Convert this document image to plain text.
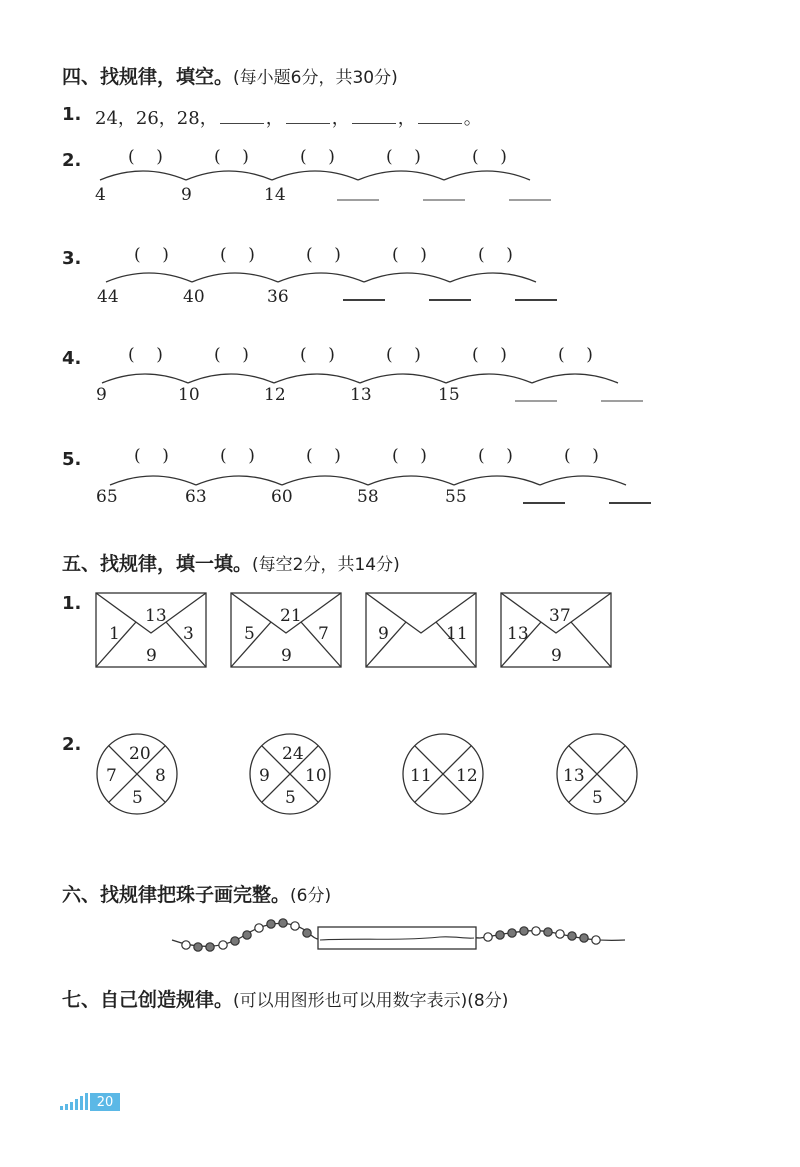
四、找规律，填空。(每小题6分，共30分)
1. 24，26，28，	，	，	，	。
2.	(    )	(    )	(    )	(    )	(    )
4	9	14
3.	(    )	(    )	(    )	(    )	(    )
44	40	36
4.	(    )	(    )	(    )	(    )	(    )	(    )
9	10	12	13	15
5.	(    )	(    )	(    )	(    )	(    )	(    )
65	63	60	58	55
五、找规律，填一填。(每空2分，共14分)
1.
13
1	3
9
21
5	7
9
9	11
37
13
9
2.	20
7 8
5
24
9 10
5
11 12	13
5
六、找规律把珠子画完整。(6分)
七、自己创造规律。(可以用图形也可以用数字表示)(8分)
20
